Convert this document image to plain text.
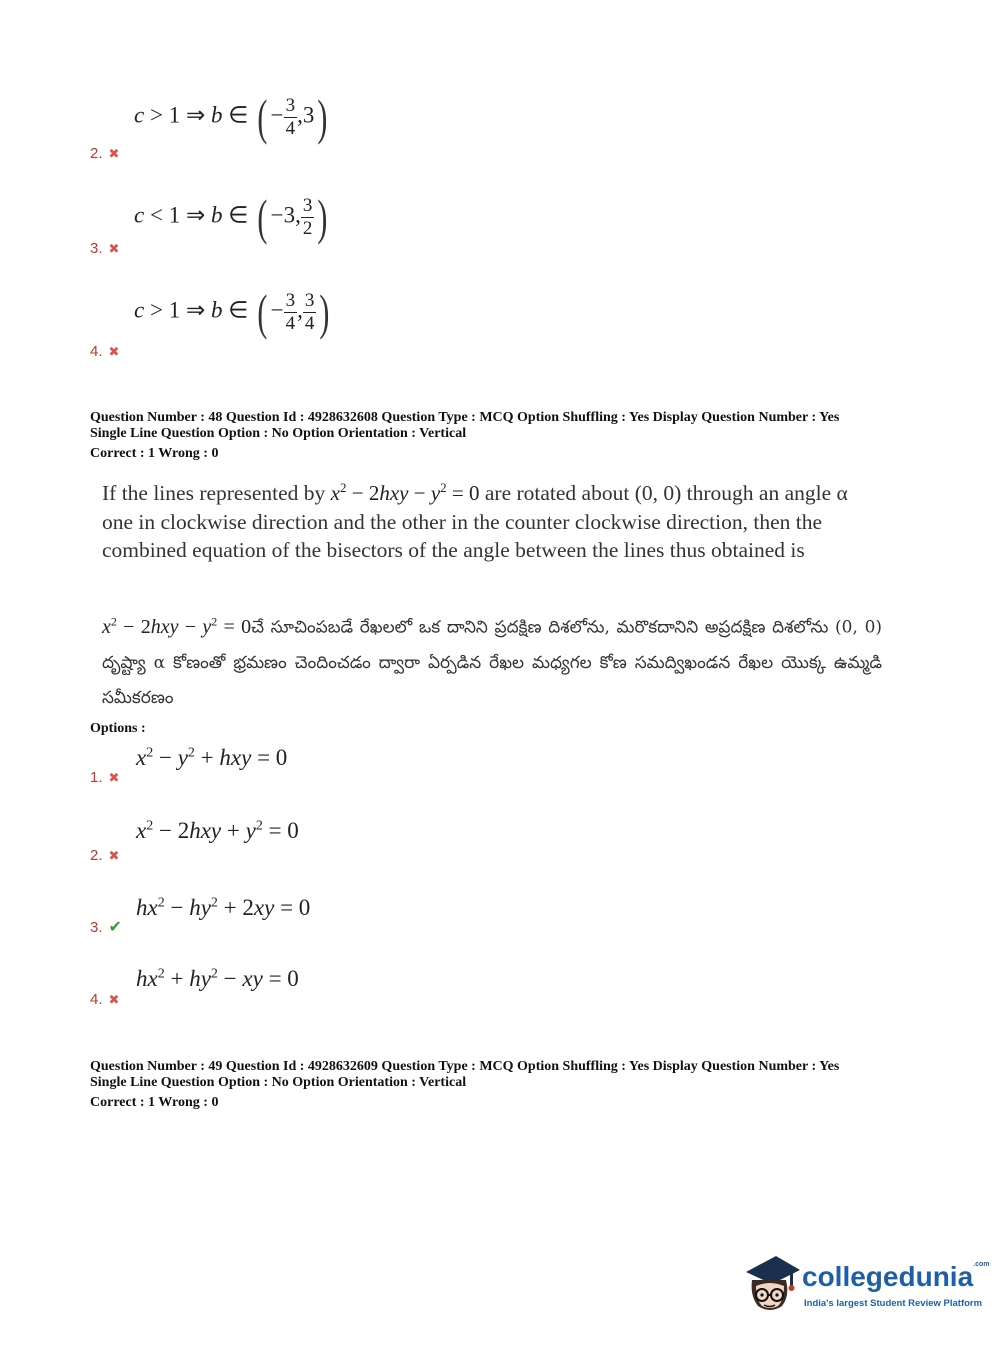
c > 1 ⇒ b ∈ ( − $\frac{3}{4} ,3$)
2. ✖
c < 1 ⇒ b ∈ ( −3, $\frac{3}{2}$ )
3. ✖
c > 1 ⇒ b ∈ ( − $\frac{3}{4}$ , $\frac{3}{4}$ )
4. ✖
Question Number : 48 Question Id : 4928632608 Question Type : MCQ Option Shuffling : Yes Display Question Number : Yes
Single Line Question Option : No Option Orientation : Vertical
Correct : 1 Wrong : 0
If the lines represented by $x^2 - 2hxy - y^2 = 0$ are rotated about (0, 0) through an angle α one in clockwise direction and the other in the counter clockwise direction, then the combined equation of the bisectors of the angle between the lines thus obtained is
$x^2 - 2hxy - y^2$ = 0చే సూచింపబడే రేఖలలో ఒక దానిని ప్రదక్షిణ దిశలోను, మరొకదానిని అప్రదక్షిణ దిశలోను (0, 0) దృష్ట్యా α కోణంతో భ్రమణం చెందించడం ద్వారా ఏర్పడిన రేఖల మధ్యగల కోణ సమద్విఖండన రేఖల యొక్క ఉమ్మడి సమీకరణం
Options :
$x^2 - y^2$ + hxy = 0
1. ✖
$x^2 - 2hxy + y^2 = 0$
2. ✖
$hx^2 - hy^2 + 2xy = 0$
3. ✔
$hx^2 + hy^2$ − xy = 0
4. ✖
Question Number : 49 Question Id : 4928632609 Question Type : MCQ Option Shuffling : Yes Display Question Number : Yes
Single Line Question Option : No Option Orientation : Vertical
Correct : 1 Wrong : 0
collegedunia$^{.com}$
India's largest Student Review Platform
